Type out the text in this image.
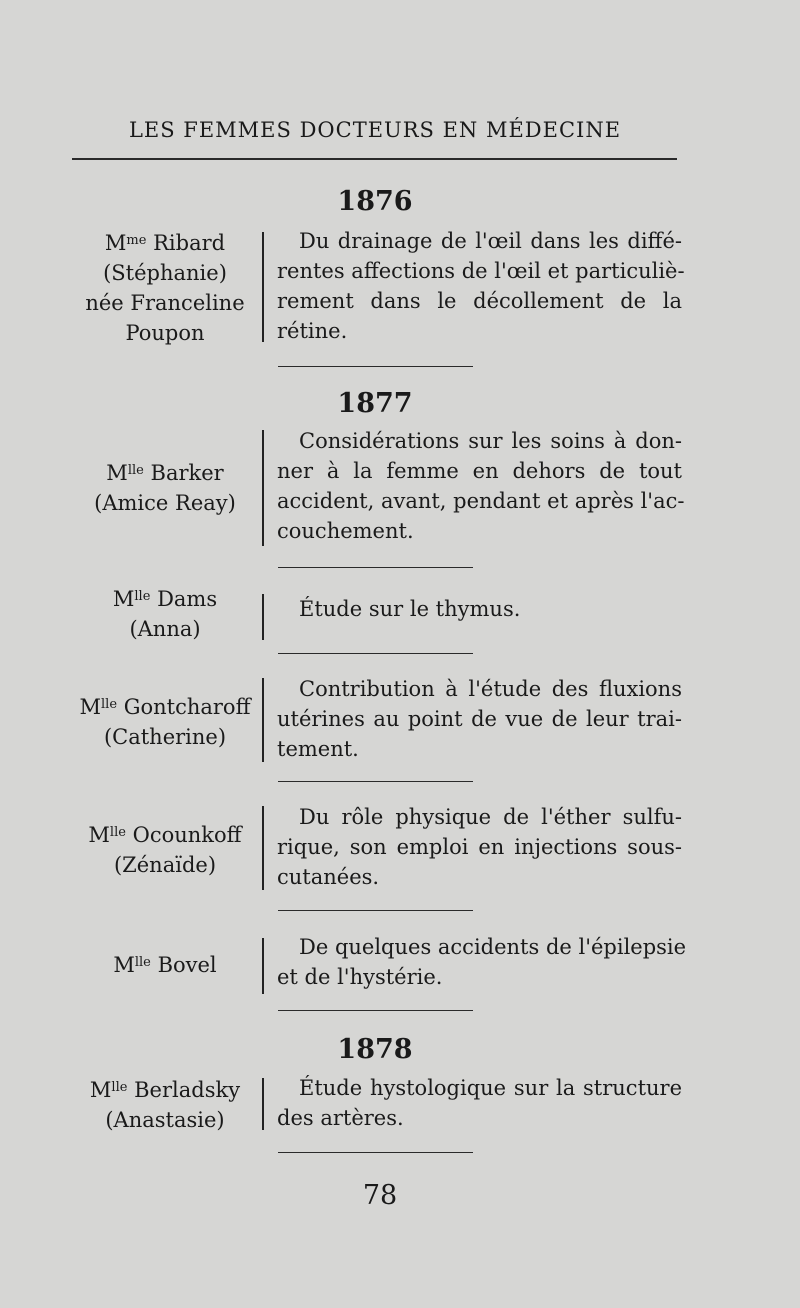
LES FEMMES DOCTEURS EN MÉDECINE
1876
$M^{me}$ Ribard
(Stéphanie)
née Franceline
Poupon
Du drainage de l'œil dans les diffé-
rentes affections de l'œil et particuliè-
rement dans le décollement de la
rétine.
1877
$M^{lle}$ Barker
(Amice Reay)
Considérations sur les soins à don-
ner à la femme en dehors de tout
accident, avant, pendant et après l'ac-
couchement.
$M^{lle}$ Dams
(Anna)
Étude sur le thymus.
$M^{lle}$ Gontcharoff
(Catherine)
Contribution à l'étude des fluxions
utérines au point de vue de leur trai-
tement.
$M^{lle}$ Ocounkoff
(Zénaïde)
Du rôle physique de l'éther sulfu-
rique, son emploi en injections sous-
cutanées.
$M^{lle}$ Bovel
De quelques accidents de l'épilepsie
et de l'hystérie.
1878
$M^{lle}$ Berladsky
(Anastasie)
Étude hystologique sur la structure
des artères.
78
